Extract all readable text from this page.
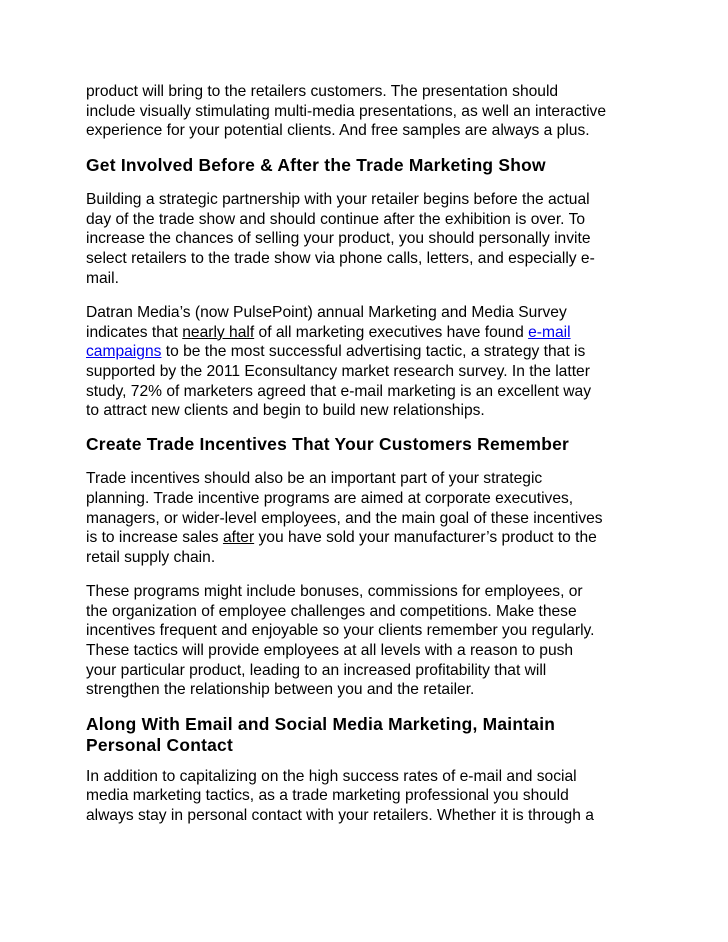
product will bring to the retailers customers. The presentation should
include visually stimulating multi-media presentations, as well an interactive
experience for your potential clients. And free samples are always a plus.

Get Involved Before & After the Trade Marketing Show

Building a strategic partnership with your retailer begins before the actual
day of the trade show and should continue after the exhibition is over. To
increase the chances of selling your product, you should personally invite
select retailers to the trade show via phone calls, letters, and especially e-
mail.

Datran Media’s (now PulsePoint) annual Marketing and Media Survey
indicates that nearly half of all marketing executives have found e-mail
campaigns to be the most successful advertising tactic, a strategy that is
supported by the 2011 Econsultancy market research survey. In the latter
study, 72% of marketers agreed that e-mail marketing is an excellent way
to attract new clients and begin to build new relationships.

Create Trade Incentives That Your Customers Remember

Trade incentives should also be an important part of your strategic
planning. Trade incentive programs are aimed at corporate executives,
managers, or wider-level employees, and the main goal of these incentives
is to increase sales after you have sold your manufacturer’s product to the
retail supply chain.

These programs might include bonuses, commissions for employees, or
the organization of employee challenges and competitions. Make these
incentives frequent and enjoyable so your clients remember you regularly.
These tactics will provide employees at all levels with a reason to push
your particular product, leading to an increased profitability that will
strengthen the relationship between you and the retailer.

Along With Email and Social Media Marketing, Maintain
Personal Contact

In addition to capitalizing on the high success rates of e-mail and social
media marketing tactics, as a trade marketing professional you should
always stay in personal contact with your retailers. Whether it is through a
